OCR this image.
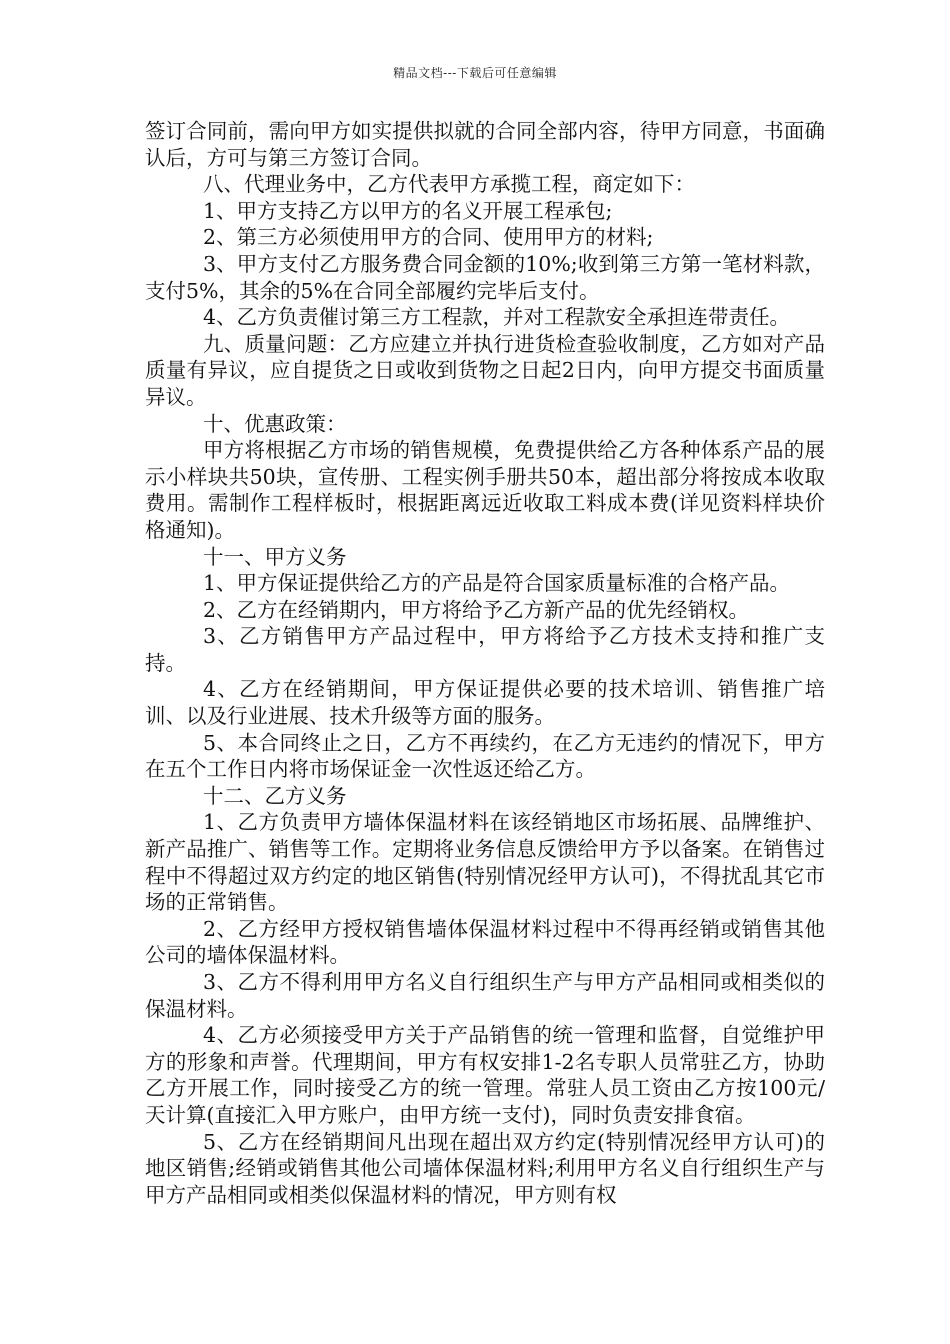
精品文档---下载后可任意编辑

签订合同前，需向甲方如实提供拟就的合同全部内容，待甲方同意，书面确认后，方可与第三方签订合同。

八、代理业务中，乙方代表甲方承揽工程，商定如下：

1、甲方支持乙方以甲方的名义开展工程承包;

2、第三方必须使用甲方的合同、使用甲方的材料;

3、甲方支付乙方服务费合同金额的10%;收到第三方第一笔材料款，支付5%，其余的5%在合同全部履约完毕后支付。

4、乙方负责催讨第三方工程款，并对工程款安全承担连带责任。

九、质量问题：乙方应建立并执行进货检查验收制度，乙方如对产品质量有异议，应自提货之日或收到货物之日起2日内，向甲方提交书面质量异议。

十、优惠政策：

甲方将根据乙方市场的销售规模，免费提供给乙方各种体系产品的展示小样块共50块，宣传册、工程实例手册共50本，超出部分将按成本收取费用。需制作工程样板时，根据距离远近收取工料成本费(详见资料样块价格通知)。

十一、甲方义务

1、甲方保证提供给乙方的产品是符合国家质量标准的合格产品。

2、乙方在经销期内，甲方将给予乙方新产品的优先经销权。

3、乙方销售甲方产品过程中，甲方将给予乙方技术支持和推广支持。

4、乙方在经销期间，甲方保证提供必要的技术培训、销售推广培训、以及行业进展、技术升级等方面的服务。

5、本合同终止之日，乙方不再续约，在乙方无违约的情况下，甲方在五个工作日内将市场保证金一次性返还给乙方。

十二、乙方义务

1、乙方负责甲方墙体保温材料在该经销地区市场拓展、品牌维护、新产品推广、销售等工作。定期将业务信息反馈给甲方予以备案。在销售过程中不得超过双方约定的地区销售(特别情况经甲方认可)，不得扰乱其它市场的正常销售。

2、乙方经甲方授权销售墙体保温材料过程中不得再经销或销售其他公司的墙体保温材料。

3、乙方不得利用甲方名义自行组织生产与甲方产品相同或相类似的保温材料。

4、乙方必须接受甲方关于产品销售的统一管理和监督，自觉维护甲方的形象和声誉。代理期间，甲方有权安排1-2名专职人员常驻乙方，协助乙方开展工作，同时接受乙方的统一管理。常驻人员工资由乙方按100元/天计算(直接汇入甲方账户，由甲方统一支付)，同时负责安排食宿。

5、乙方在经销期间凡出现在超出双方约定(特别情况经甲方认可)的地区销售;经销或销售其他公司墙体保温材料;利用甲方名义自行组织生产与甲方产品相同或相类似保温材料的情况，甲方则有权
